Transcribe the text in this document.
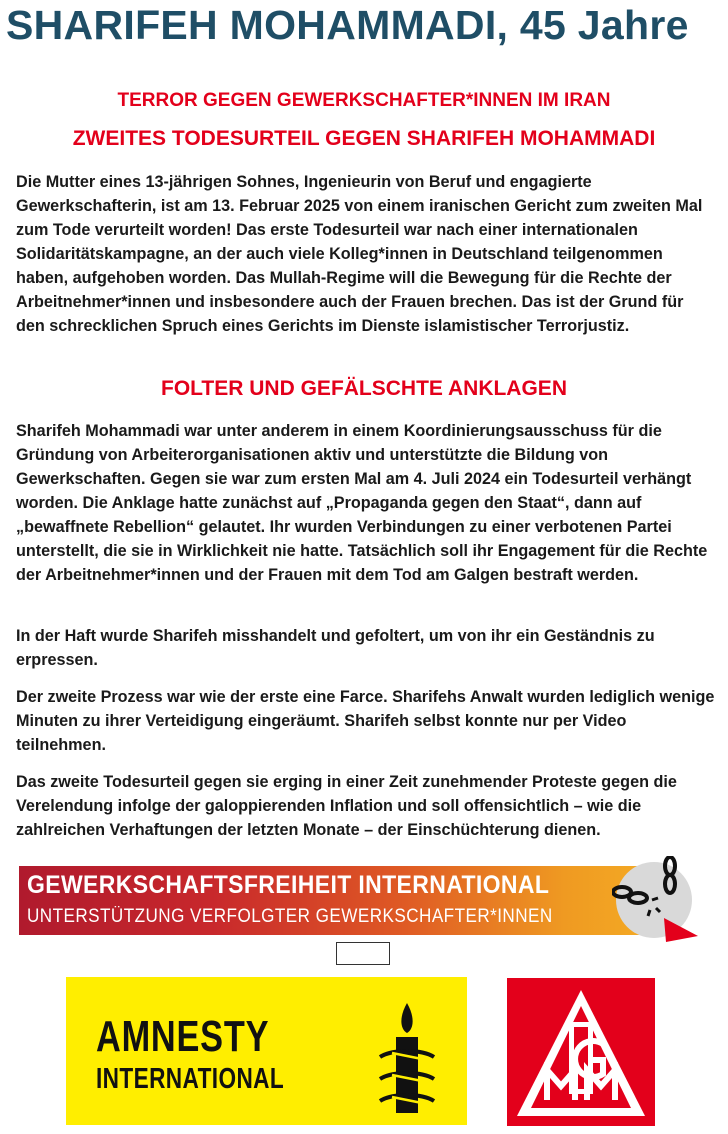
SHARIFEH MOHAMMADI, 45 Jahre
TERROR GEGEN GEWERKSCHAFTER*INNEN IM IRAN
ZWEITES TODESURTEIL GEGEN SHARIFEH MOHAMMADI

Die Mutter eines 13-jährigen Sohnes, Ingenieurin von Beruf und engagierte Gewerkschafterin, ist am 13. Februar 2025 von einem iranischen Gericht zum zweiten Mal zum Tode verurteilt worden! Das erste Todesurteil war nach einer internationalen Solidaritätskampagne, an der auch viele Kolleg*innen in Deutschland teilgenommen haben, aufgehoben worden. Das Mullah-Regime will die Bewegung für die Rechte der Arbeitnehmer*innen und insbesondere auch der Frauen brechen. Das ist der Grund für den schrecklichen Spruch eines Gerichts im Dienste islamistischer Terrorjustiz.

FOLTER UND GEFÄLSCHTE ANKLAGEN

Sharifeh Mohammadi war unter anderem in einem Koordinierungsausschuss für die Gründung von Arbeiterorganisationen aktiv und unterstützte die Bildung von Gewerkschaften. Gegen sie war zum ersten Mal am 4. Juli 2024 ein Todesurteil verhängt worden. Die Anklage hatte zunächst auf „Propaganda gegen den Staat“, dann auf „bewaffnete Rebellion“ gelautet. Ihr wurden Verbindungen zu einer verbotenen Partei unterstellt, die sie in Wirklichkeit nie hatte. Tatsächlich soll ihr Engagement für die Rechte der Arbeitnehmer*innen und der Frauen mit dem Tod am Galgen bestraft werden.

In der Haft wurde Sharifeh misshandelt und gefoltert, um von ihr ein Geständnis zu erpressen.

Der zweite Prozess war wie der erste eine Farce. Sharifehs Anwalt wurden lediglich wenige Minuten zu ihrer Verteidigung eingeräumt. Sharifeh selbst konnte nur per Video teilnehmen.

Das zweite Todesurteil gegen sie erging in einer Zeit zunehmender Proteste gegen die Verelendung infolge der galoppierenden Inflation und soll offensichtlich – wie die zahlreichen Verhaftungen der letzten Monate – der Einschüchterung dienen.

GEWERKSCHAFTSFREIHEIT INTERNATIONAL
UNTERSTÜTZUNG VERFOLGTER GEWERKSCHAFTER*INNEN
AMNESTY
INTERNATIONAL
